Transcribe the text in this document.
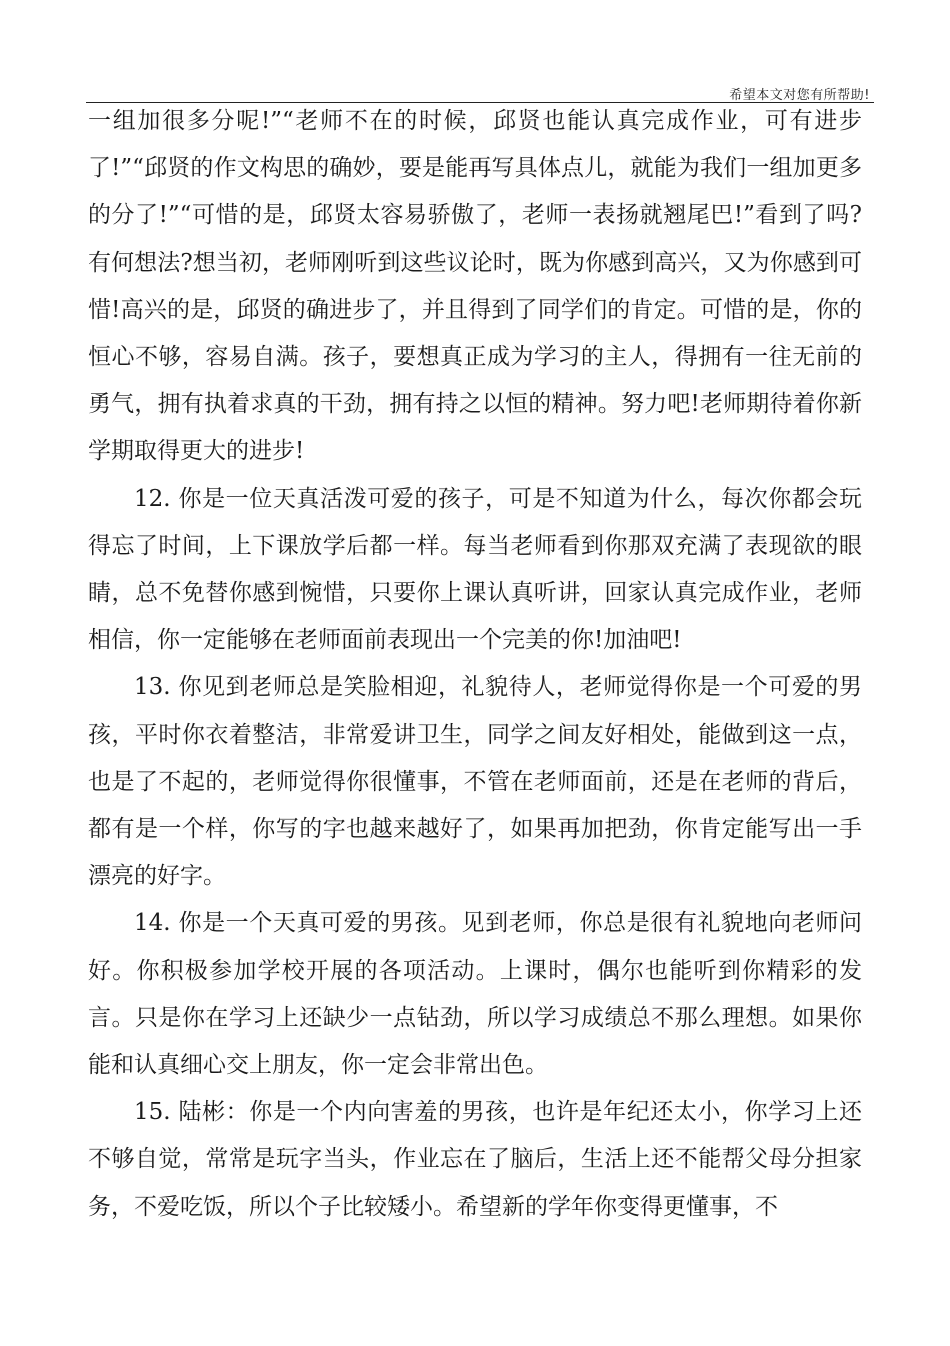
希望本文对您有所帮助!

一组加很多分呢!”“老师不在的时候，邱贤也能认真完成作业，可有进步了!”“邱贤的作文构思的确妙，要是能再写具体点儿，就能为我们一组加更多的分了!”“可惜的是，邱贤太容易骄傲了，老师一表扬就翘尾巴!”看到了吗?有何想法?想当初，老师刚听到这些议论时，既为你感到高兴，又为你感到可惜!高兴的是，邱贤的确进步了，并且得到了同学们的肯定。可惜的是，你的恒心不够，容易自满。孩子，要想真正成为学习的主人，得拥有一往无前的勇气，拥有执着求真的干劲，拥有持之以恒的精神。努力吧!老师期待着你新学期取得更大的进步!

12. 你是一位天真活泼可爱的孩子，可是不知道为什么，每次你都会玩得忘了时间，上下课放学后都一样。每当老师看到你那双充满了表现欲的眼睛，总不免替你感到惋惜，只要你上课认真听讲，回家认真完成作业，老师相信，你一定能够在老师面前表现出一个完美的你!加油吧!

13. 你见到老师总是笑脸相迎，礼貌待人，老师觉得你是一个可爱的男孩，平时你衣着整洁，非常爱讲卫生，同学之间友好相处，能做到这一点，也是了不起的，老师觉得你很懂事，不管在老师面前，还是在老师的背后，都有是一个样，你写的字也越来越好了，如果再加把劲，你肯定能写出一手漂亮的好字。

14. 你是一个天真可爱的男孩。见到老师，你总是很有礼貌地向老师问好。你积极参加学校开展的各项活动。上课时，偶尔也能听到你精彩的发言。只是你在学习上还缺少一点钻劲，所以学习成绩总不那么理想。如果你能和认真细心交上朋友，你一定会非常出色。

15. 陆彬：你是一个内向害羞的男孩，也许是年纪还太小，你学习上还不够自觉，常常是玩字当头，作业忘在了脑后，生活上还不能帮父母分担家务，不爱吃饭，所以个子比较矮小。希望新的学年你变得更懂事，不
